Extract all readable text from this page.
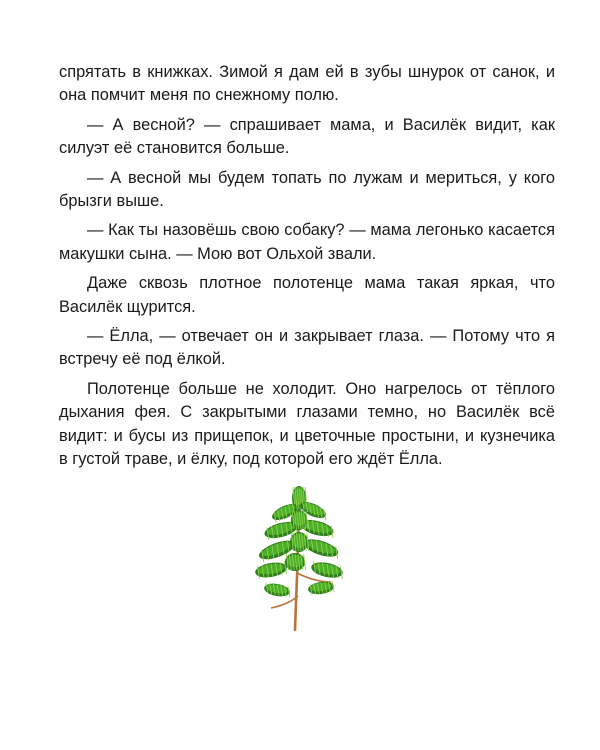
спрятать в книжках. Зимой я дам ей в зубы шнурок от санок, и она помчит меня по снежному полю.

— А весной? — спрашивает мама, и Василёк видит, как силуэт её становится больше.

— А весной мы будем топать по лужам и мериться, у кого брызги выше.

— Как ты назовёшь свою собаку? — мама легонько касается макушки сына. — Мою вот Ольхой звали.

Даже сквозь плотное полотенце мама такая яркая, что Василёк щурится.

— Ёлла, — отвечает он и закрывает глаза. — Потому что я встречу её под ёлкой.

Полотенце больше не холодит. Оно нагрелось от тёплого дыхания фея. С закрытыми глазами темно, но Василёк всё видит: и бусы из прищепок, и цветочные простыни, и кузнечика в густой траве, и ёлку, под которой его ждёт Ёлла.
